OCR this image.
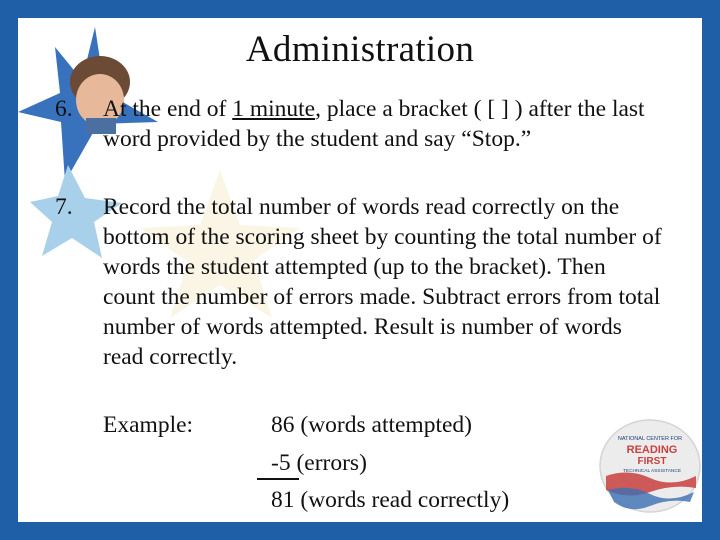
Administration
6. At the end of 1 minute, place a bracket ( [ ] ) after the last word provided by the student and say “Stop.”
7. Record the total number of words read correctly on the bottom of the scoring sheet by counting the total number of words the student attempted (up to the bracket). Then count the number of errors made. Subtract errors from total number of words attempted. Result is number of words read correctly.
Example:	86 (words attempted)
-5 (errors)
81 (words read correctly)
NATIONAL CENTER FOR
READING
FIRST
TECHNICAL ASSISTANCE
